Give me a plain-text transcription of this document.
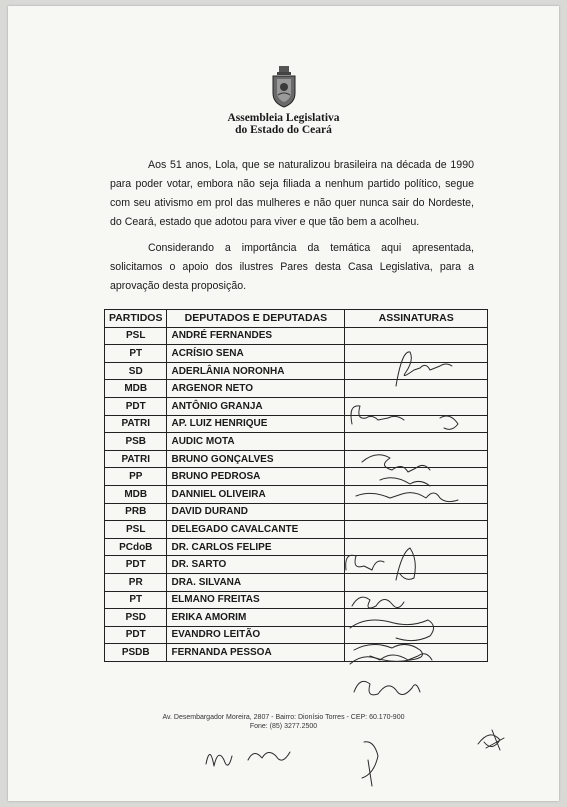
Assembleia Legislativa
do Estado do Ceará
Aos 51 anos, Lola, que se naturalizou brasileira na década de 1990 para poder votar, embora não seja filiada a nenhum partido político, segue com seu ativismo em prol das mulheres e não quer nunca sair do Nordeste, do Ceará, estado que adotou para viver e que tão bem a acolheu.
Considerando a importância da temática aqui apresentada, solicitamos o apoio dos ilustres Pares desta Casa Legislativa, para a aprovação desta proposição.
PARTIDOS	DEPUTADOS E DEPUTADAS	ASSINATURAS
PSL	ANDRÉ FERNANDES	
PT	ACRÍSIO SENA	
SD	ADERLÂNIA NORONHA	
MDB	ARGENOR NETO	
PDT	ANTÔNIO GRANJA	
PATRI	AP. LUIZ HENRIQUE	
PSB	AUDIC MOTA	
PATRI	BRUNO GONÇALVES	
PP	BRUNO PEDROSA	
MDB	DANNIEL OLIVEIRA	
PRB	DAVID DURAND	
PSL	DELEGADO CAVALCANTE	
PCdoB	DR. CARLOS FELIPE	
PDT	DR. SARTO	
PR	DRA. SILVANA	
PT	ELMANO FREITAS	
PSD	ERIKA AMORIM	
PDT	EVANDRO LEITÃO	
PSDB	FERNANDA PESSOA	
Av. Desembargador Moreira, 2807 - Bairro: Dionísio Torres - CEP: 60.170-900
Fone: (85) 3277.2500
